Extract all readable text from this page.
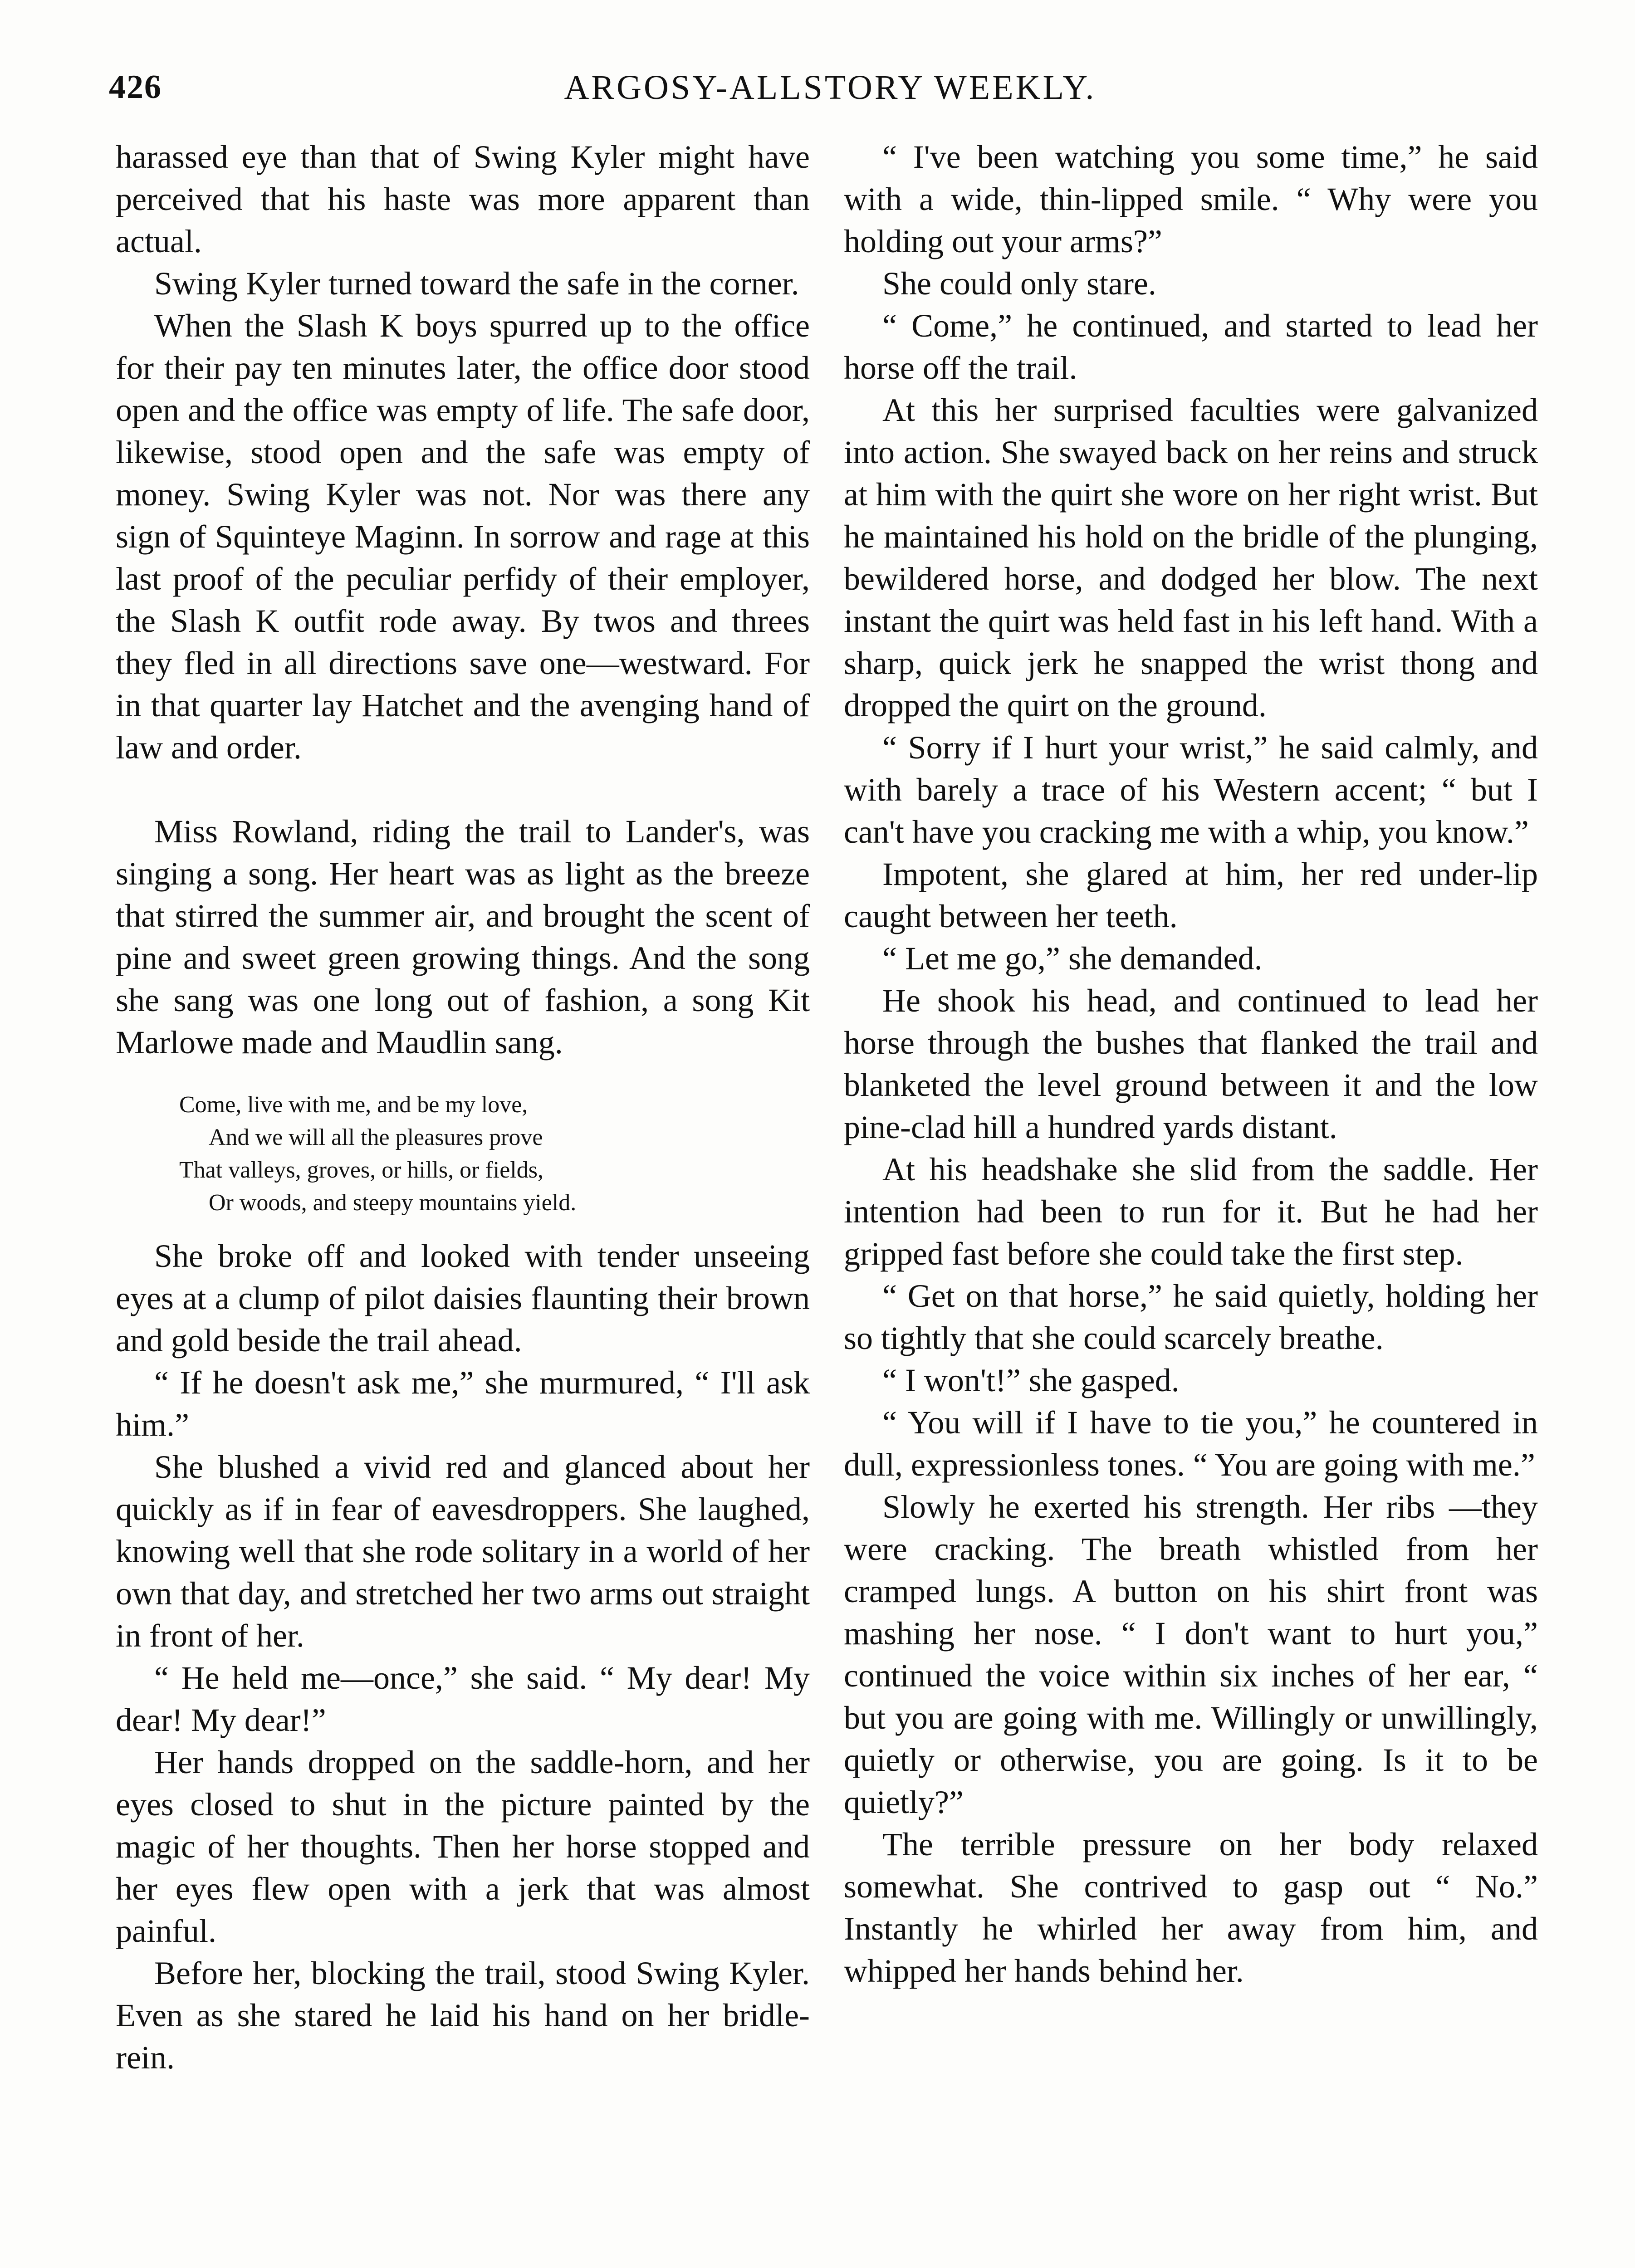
426	ARGOSY-ALLSTORY WEEKLY.

harassed eye than that of Swing Kyler might have perceived that his haste was more apparent than actual.

Swing Kyler turned toward the safe in the corner.

When the Slash K boys spurred up to the office for their pay ten minutes later, the office door stood open and the office was empty of life. The safe door, likewise, stood open and the safe was empty of money. Swing Kyler was not. Nor was there any sign of Squinteye Maginn. In sorrow and rage at this last proof of the peculiar perfidy of their employer, the Slash K outfit rode away. By twos and threes they fled in all directions save one—westward. For in that quarter lay Hatchet and the avenging hand of law and order.

Miss Rowland, riding the trail to Lander's, was singing a song. Her heart was as light as the breeze that stirred the summer air, and brought the scent of pine and sweet green growing things. And the song she sang was one long out of fashion, a song Kit Marlowe made and Maudlin sang.

Come, live with me, and be my love,
And we will all the pleasures prove
That valleys, groves, or hills, or fields,
Or woods, and steepy mountains yield.

She broke off and looked with tender unseeing eyes at a clump of pilot daisies flaunting their brown and gold beside the trail ahead.

“ If he doesn't ask me,” she murmured, “ I'll ask him.”

She blushed a vivid red and glanced about her quickly as if in fear of eavesdroppers. She laughed, knowing well that she rode solitary in a world of her own that day, and stretched her two arms out straight in front of her.

“ He held me—once,” she said. “ My dear! My dear! My dear!”

Her hands dropped on the saddle-horn, and her eyes closed to shut in the picture painted by the magic of her thoughts. Then her horse stopped and her eyes flew open with a jerk that was almost painful.

Before her, blocking the trail, stood Swing Kyler. Even as she stared he laid his hand on her bridle-rein.

“ I've been watching you some time,” he said with a wide, thin-lipped smile. “ Why were you holding out your arms?”

She could only stare.

“ Come,” he continued, and started to lead her horse off the trail.

At this her surprised faculties were galvanized into action. She swayed back on her reins and struck at him with the quirt she wore on her right wrist. But he maintained his hold on the bridle of the plunging, bewildered horse, and dodged her blow. The next instant the quirt was held fast in his left hand. With a sharp, quick jerk he snapped the wrist thong and dropped the quirt on the ground.

“ Sorry if I hurt your wrist,” he said calmly, and with barely a trace of his Western accent; “ but I can't have you cracking me with a whip, you know.”

Impotent, she glared at him, her red under-lip caught between her teeth.

“ Let me go,” she demanded.

He shook his head, and continued to lead her horse through the bushes that flanked the trail and blanketed the level ground between it and the low pine-clad hill a hundred yards distant.

At his headshake she slid from the saddle. Her intention had been to run for it. But he had her gripped fast before she could take the first step.

“ Get on that horse,” he said quietly, holding her so tightly that she could scarcely breathe.

“ I won't!” she gasped.

“ You will if I have to tie you,” he countered in dull, expressionless tones. “ You are going with me.”

Slowly he exerted his strength. Her ribs —they were cracking. The breath whistled from her cramped lungs. A button on his shirt front was mashing her nose. “ I don't want to hurt you,” continued the voice within six inches of her ear, “ but you are going with me. Willingly or unwillingly, quietly or otherwise, you are going. Is it to be quietly?”

The terrible pressure on her body relaxed somewhat. She contrived to gasp out “ No.” Instantly he whirled her away from him, and whipped her hands behind her.
